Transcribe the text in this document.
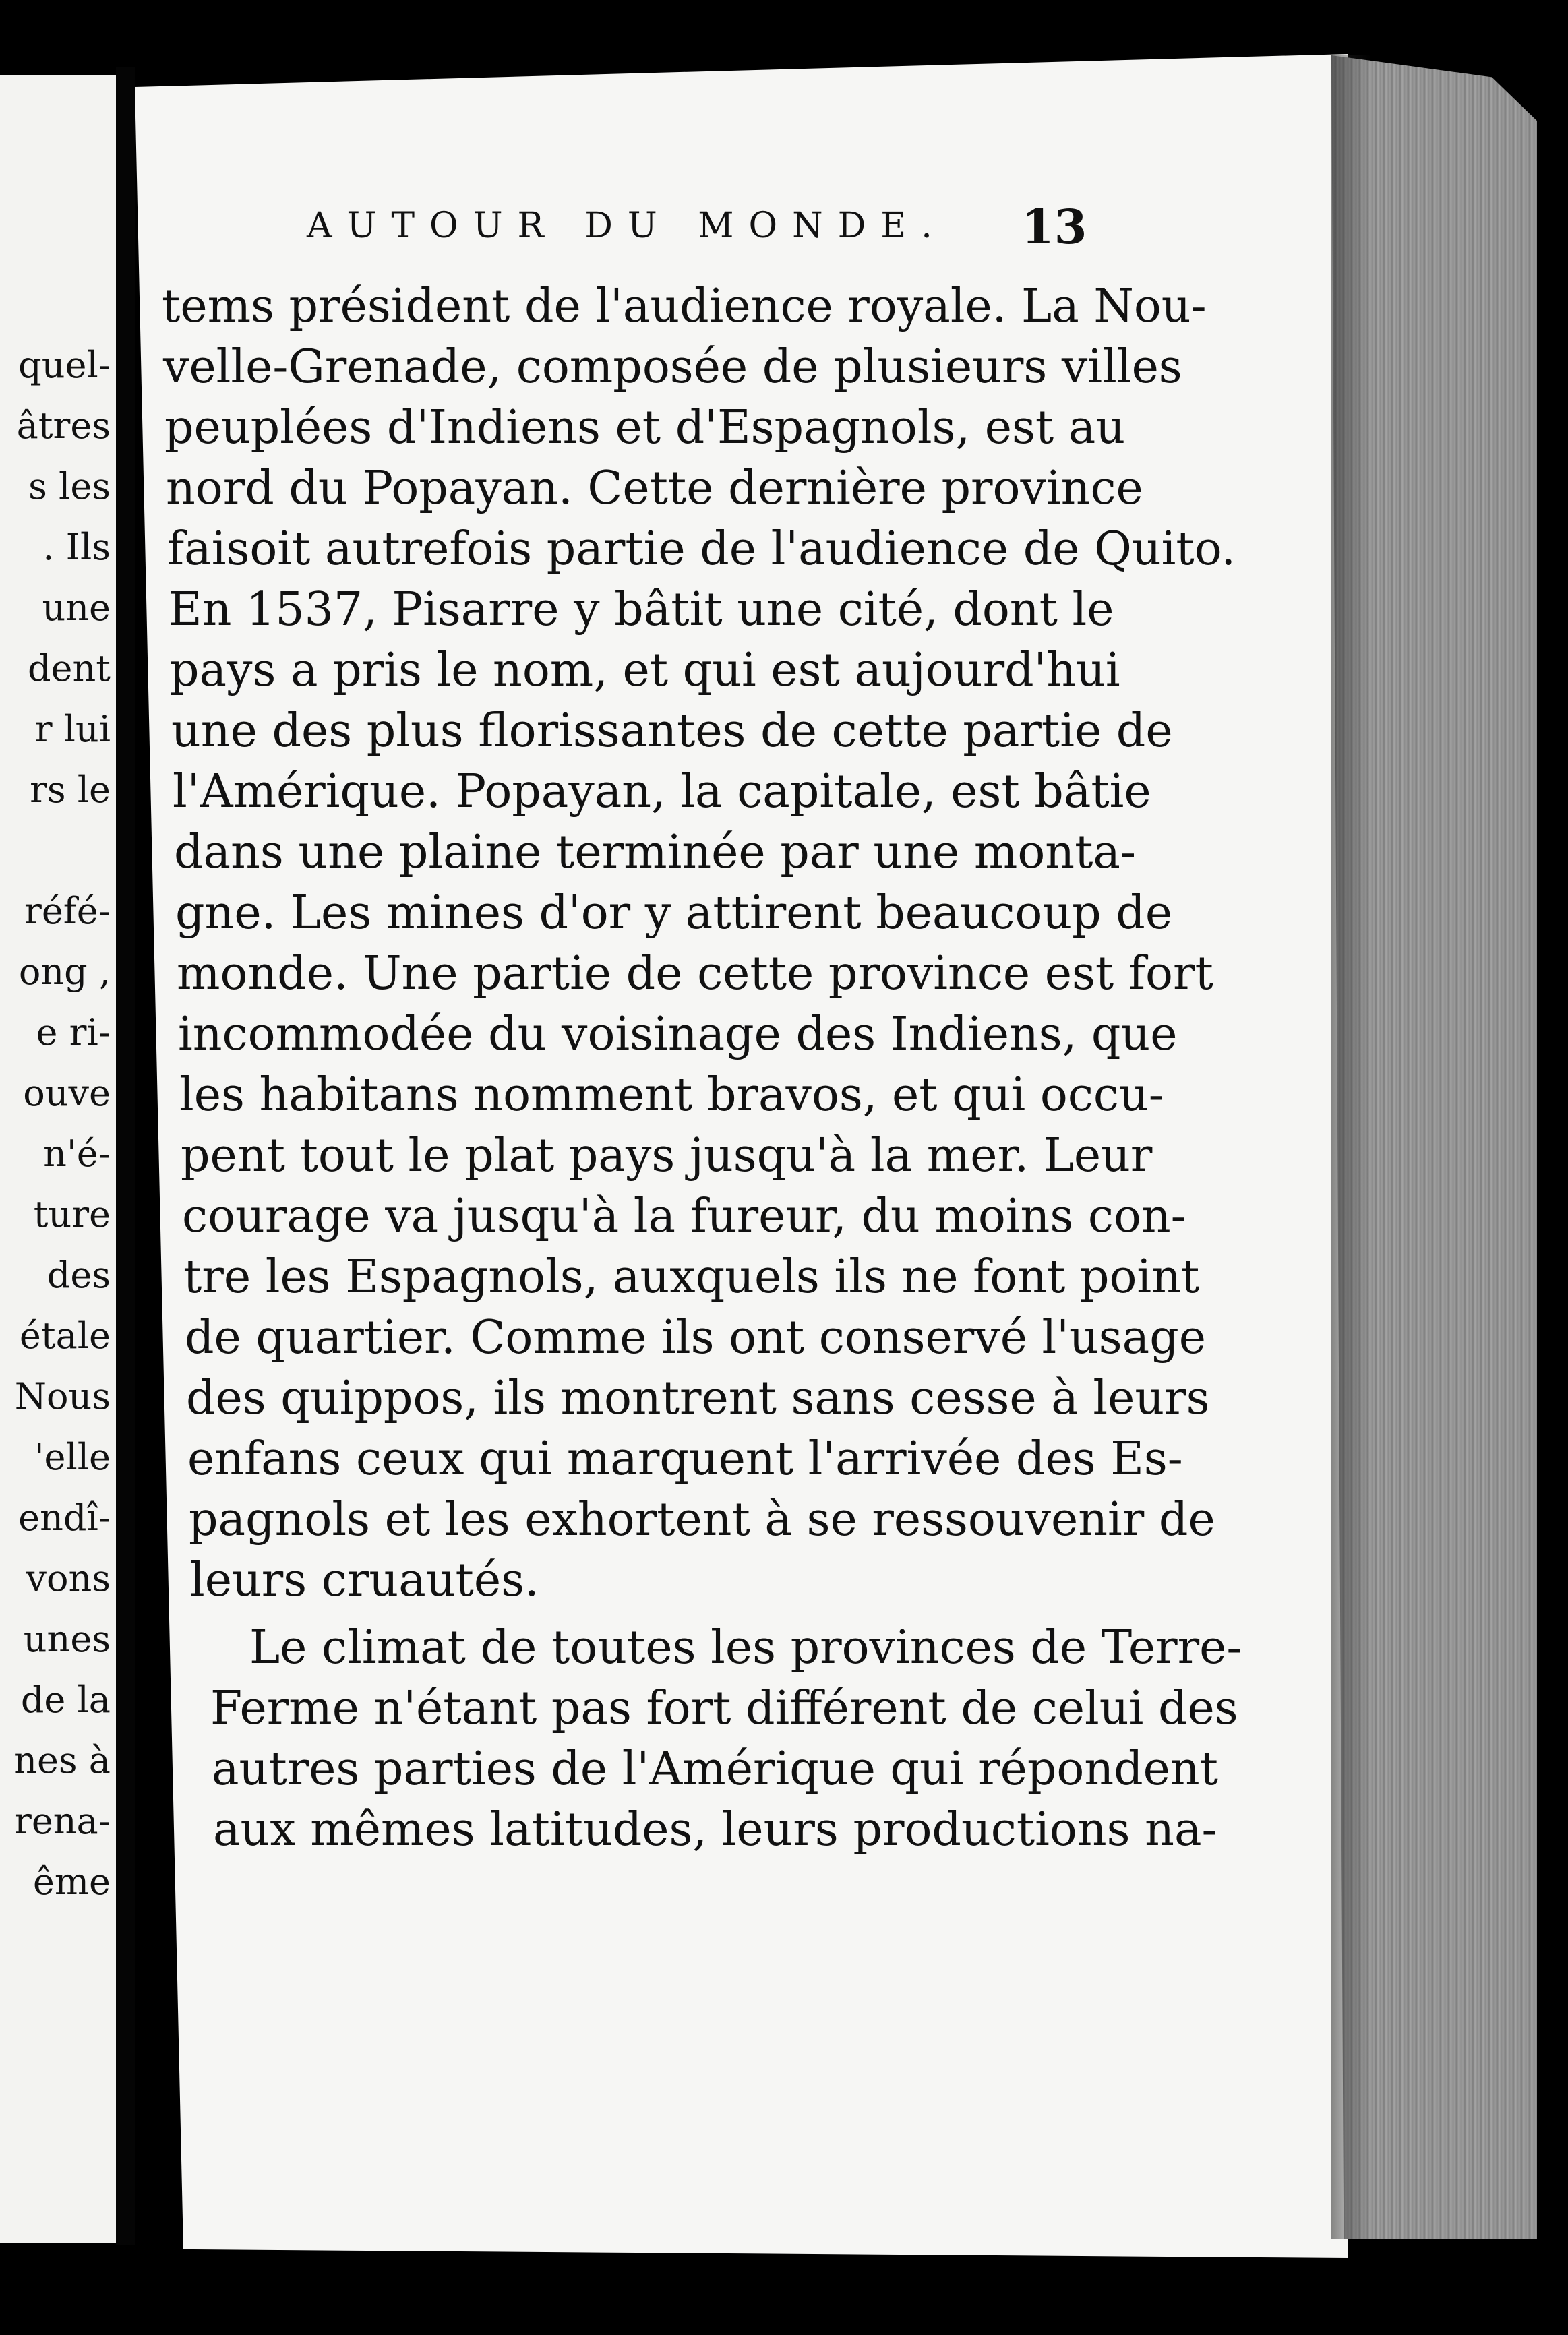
quel-
âtres
s les
. Ils
une
dent
r lui
rs le
réfé-
ong ,
e ri-
ouve
n'é-
ture
des
étale
Nous
'elle
endî-
vons
unes
de la
nes à
rena-
ême
AUTOUR DU MONDE. 13
tems président de l'audience royale. La Nou-
velle-Grenade, composée de plusieurs villes
peuplées d'Indiens et d'Espagnols, est au
nord du Popayan. Cette dernière province
faisoit autrefois partie de l'audience de Quito.
En 1537, Pisarre y bâtit une cité, dont le
pays a pris le nom, et qui est aujourd'hui
une des plus florissantes de cette partie de
l'Amérique. Popayan, la capitale, est bâtie
dans une plaine terminée par une monta-
gne. Les mines d'or y attirent beaucoup de
monde. Une partie de cette province est fort
incommodée du voisinage des Indiens, que
les habitans nomment bravos, et qui occu-
pent tout le plat pays jusqu'à la mer. Leur
courage va jusqu'à la fureur, du moins con-
tre les Espagnols, auxquels ils ne font point
de quartier. Comme ils ont conservé l'usage
des quippos, ils montrent sans cesse à leurs
enfans ceux qui marquent l'arrivée des Es-
pagnols et les exhortent à se ressouvenir de
leurs cruautés.
Le climat de toutes les provinces de Terre-
Ferme n'étant pas fort différent de celui des
autres parties de l'Amérique qui répondent
aux mêmes latitudes, leurs productions na-
